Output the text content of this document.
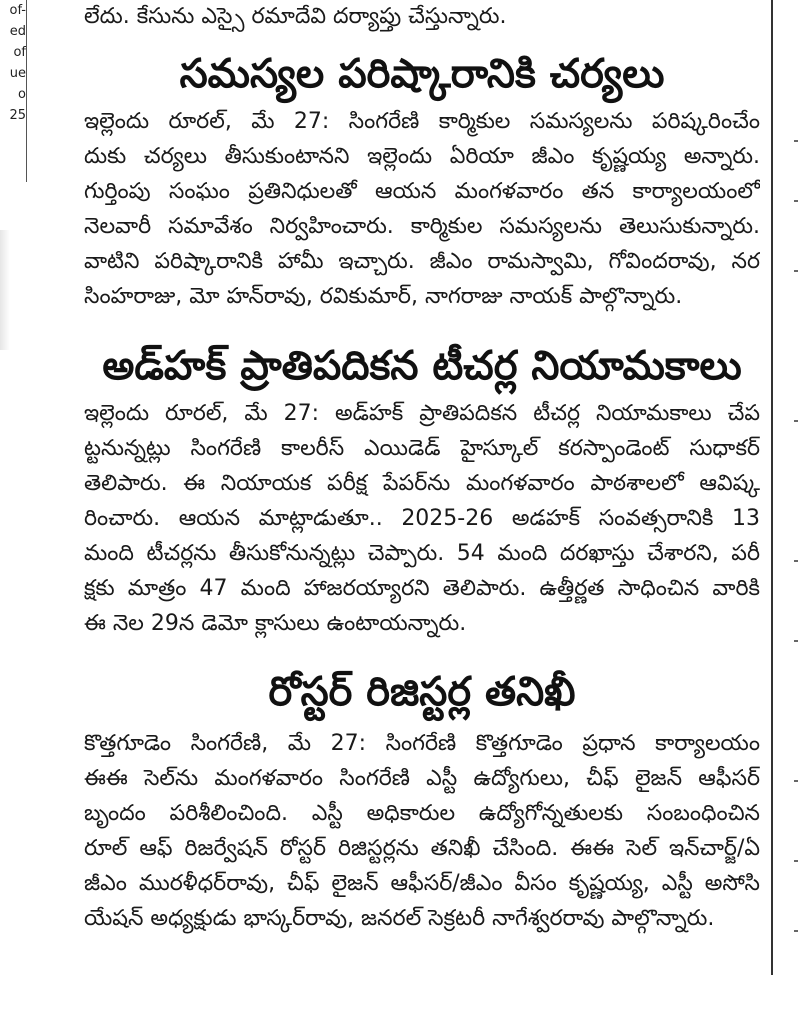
of-
ed
of
ue
o
25
లేదు. కేసును ఎస్సై రమాదేవి దర్యాప్తు చేస్తున్నారు.
సమస్యల పరిష్కారానికి చర్యలు
ఇల్లెందు రూరల్, మే 27: సింగరేణి కార్మికుల సమస్యలను పరిష్కరించేం
దుకు చర్యలు తీసుకుంటానని ఇల్లెందు ఏరియా జీఎం కృష్ణయ్య అన్నారు.
గుర్తింపు సంఘం ప్రతినిధులతో ఆయన మంగళవారం తన కార్యాలయంలో
నెలవారీ సమావేశం నిర్వహించారు. కార్మికుల సమస్యలను తెలుసుకున్నారు.
వాటిని పరిష్కారానికి హామీ ఇచ్చారు. జీఎం రామస్వామి, గోవిందరావు, నర
సింహరాజు, మో హన్‌రావు, రవికుమార్, నాగరాజు నాయక్ పాల్గొన్నారు.
అడ్‌హక్ ప్రాతిపదికన టీచర్ల నియామకాలు
ఇల్లెందు రూరల్, మే 27: అడ్‌హక్ ప్రాతిపదికన టీచర్ల నియామకాలు చేప
ట్టనున్నట్లు సింగరేణి కాలరీస్ ఎయిడెడ్ హైస్కూల్ కరస్పాండెంట్ సుధాకర్
తెలిపారు. ఈ నియాయక పరీక్ష పేపర్‌ను మంగళవారం పాఠశాలలో ఆవిష్క
రించారు. ఆయన మాట్లాడుతూ.. 2025-26 అడహక్ సంవత్సరానికి 13
మంది టీచర్లను తీసుకోనున్నట్లు చెప్పారు. 54 మంది దరఖాస్తు చేశారని, పరీ
క్షకు మాత్రం 47 మంది హాజరయ్యారని తెలిపారు. ఉత్తీర్ణత సాధించిన వారికి
ఈ నెల 29న డెమో క్లాసులు ఉంటాయన్నారు.
రోస్టర్ రిజిస్టర్ల తనిఖీ
కొత్తగూడెం సింగరేణి, మే 27: సింగరేణి కొత్తగూడెం ప్రధాన కార్యాలయం
ఈఈ సెల్‌ను మంగళవారం సింగరేణి ఎస్టీ ఉద్యోగులు, చీఫ్ లైజన్ ఆఫీసర్
బృందం పరిశీలించింది. ఎస్టీ అధికారుల ఉద్యోగోన్నతులకు సంబంధించిన
రూల్ ఆఫ్ రిజర్వేషన్ రోస్టర్ రిజిస్టర్లను తనిఖీ చేసింది. ఈఈ సెల్ ఇన్‌చార్జ్/ఏ
జీఎం మురళీధర్‌రావు, చీఫ్ లైజన్ ఆఫీసర్/జీఎం వీసం కృష్ణయ్య, ఎస్టీ అసోసి
యేషన్ అధ్యక్షుడు భాస్కర్‌రావు, జనరల్ సెక్రటరీ నాగేశ్వరరావు పాల్గొన్నారు.
